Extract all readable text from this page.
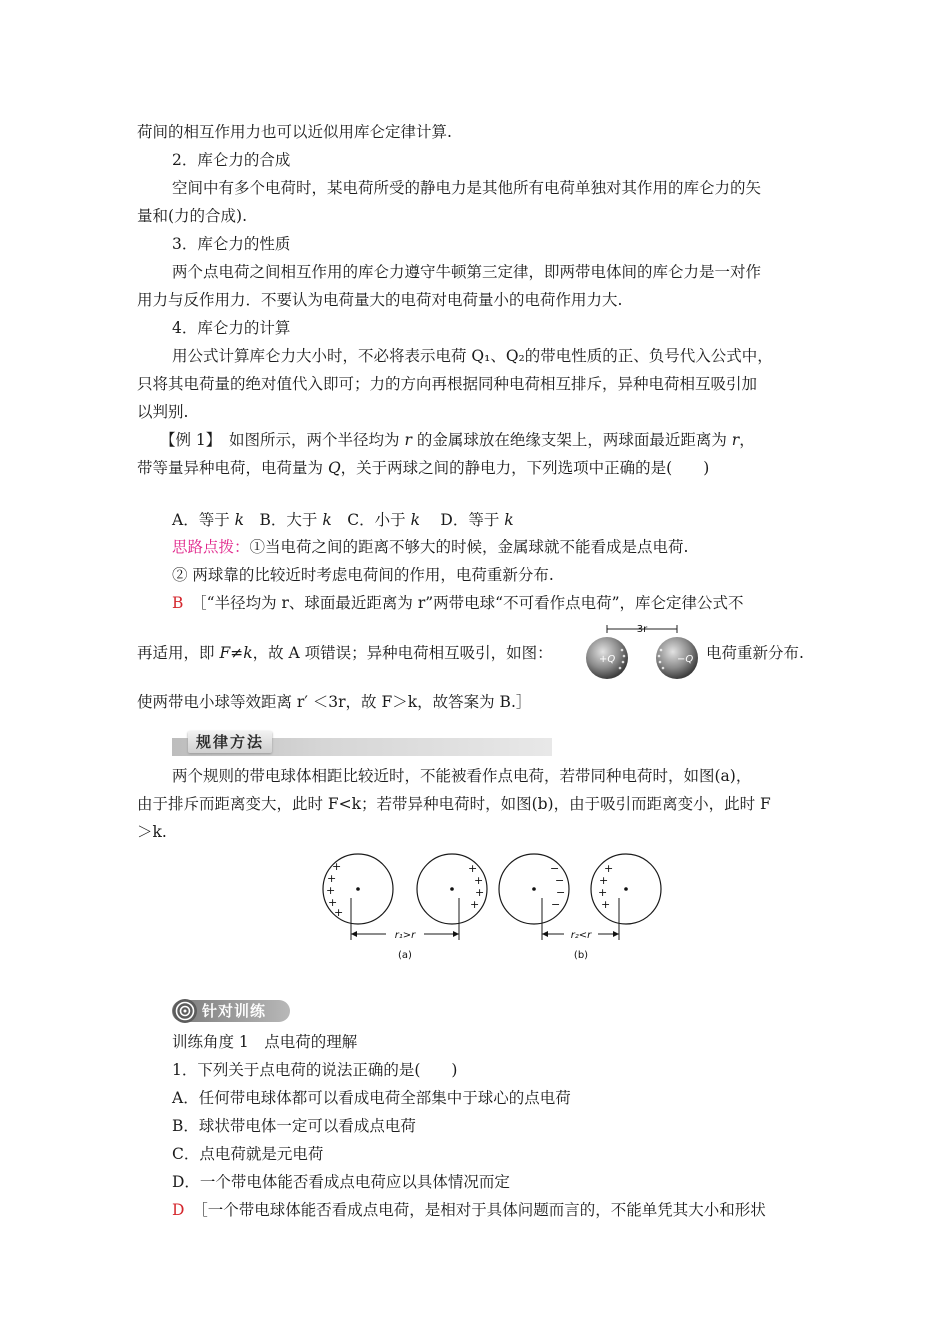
荷间的相互作用力也可以近似用库仑定律计算.
2．库仑力的合成
空间中有多个电荷时，某电荷所受的静电力是其他所有电荷单独对其作用的库仑力的矢
量和(力的合成).
3．库仑力的性质
两个点电荷之间相互作用的库仑力遵守牛顿第三定律，即两带电体间的库仑力是一对作
用力与反作用力．不要认为电荷量大的电荷对电荷量小的电荷作用力大.
4．库仑力的计算
用公式计算库仑力大小时，不必将表示电荷 Q₁、Q₂的带电性质的正、负号代入公式中，
只将其电荷量的绝对值代入即可；力的方向再根据同种电荷相互排斥，异种电荷相互吸引加
以判别.
【例 1】　如图所示，两个半径均为 r 的金属球放在绝缘支架上，两球面最近距离为 r，
带等量异种电荷，电荷量为 Q，关于两球之间的静电力，下列选项中正确的是(　　)
A．等于 k　B．大于 k　C．小于 k　 D．等于 k
思路点拨：①当电荷之间的距离不够大的时候，金属球就不能看成是点电荷.
② 两球靠的比较近时考虑电荷间的作用，电荷重新分布.
B　［“半径均为 r、球面最近距离为 r”两带电球“不可看作点电荷”，库仑定律公式不
再适用，即 F≠k，故 A 项错误；异种电荷相互吸引，如图：
3r
+Q	−Q 电荷重新分布.
使两带电小球等效距离 r′ ＜3r，故 F＞k，故答案为 B.］
规律方法
两个规则的带电球体相距比较近时，不能被看作点电荷，若带同种电荷时，如图(a)，
由于排斥而距离变大，此时 F<k；若带异种电荷时，如图(b)，由于吸引而距离变小，此时 F
＞k.
+
+
+
+
+
+
+
+
+
−
−
−
−
+
+
+
+
r₁>r	r₂<r
(a)	(b)
针对训练
训练角度 1　点电荷的理解
1．下列关于点电荷的说法正确的是(　　)
A．任何带电球体都可以看成电荷全部集中于球心的点电荷
B．球状带电体一定可以看成点电荷
C．点电荷就是元电荷
D．一个带电体能否看成点电荷应以具体情况而定
D　［一个带电球体能否看成点电荷，是相对于具体问题而言的，不能单凭其大小和形状
